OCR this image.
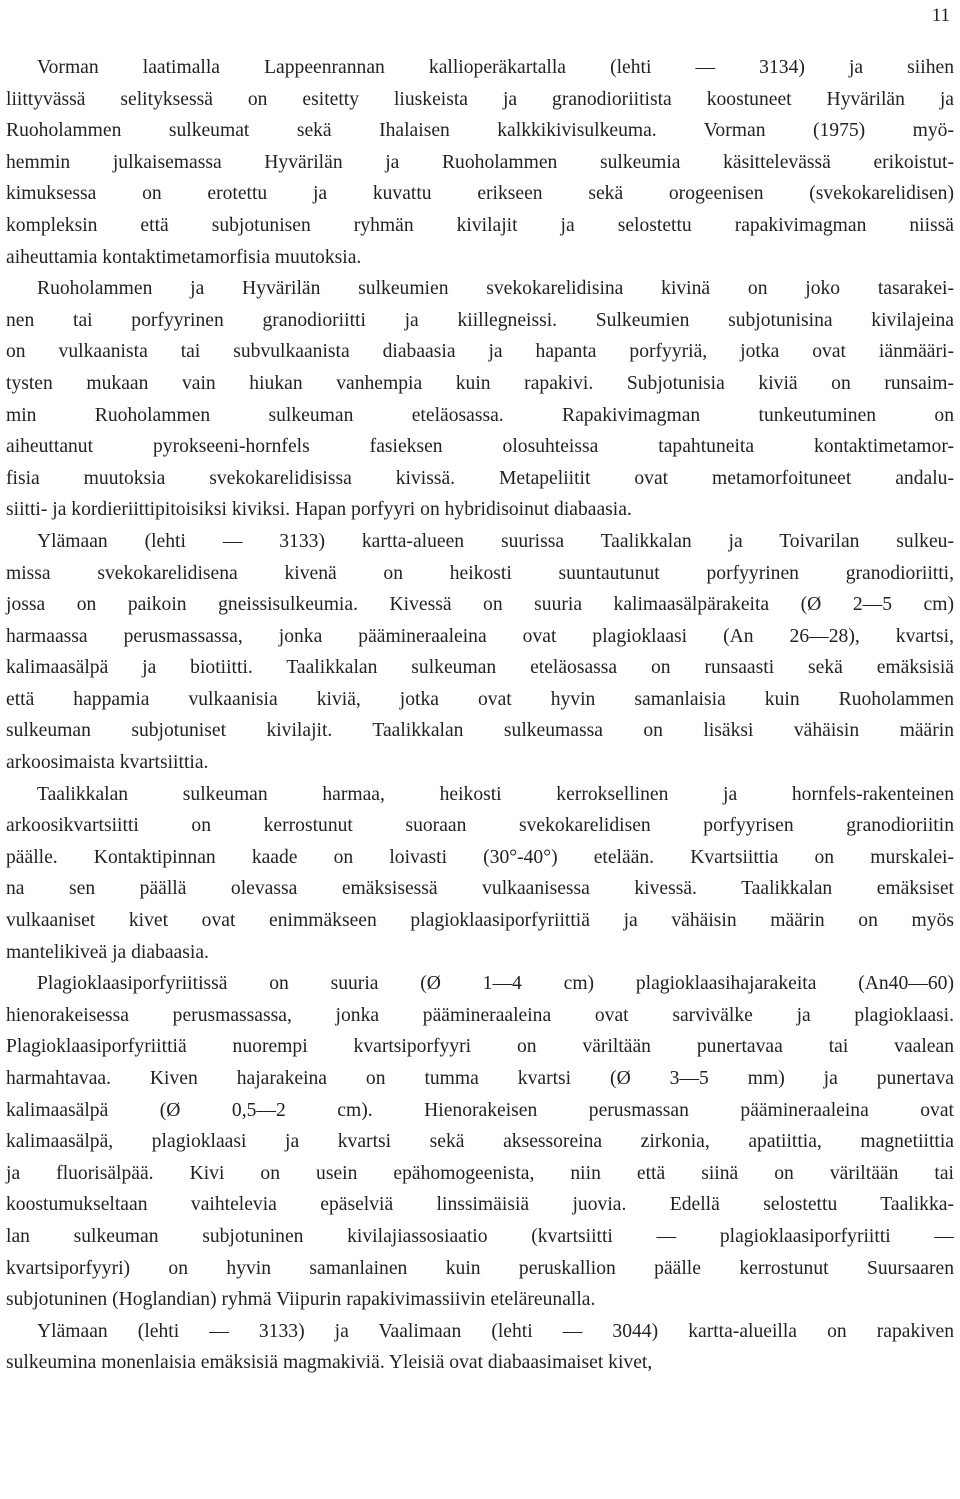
11

Vorman laatimalla Lappeenrannan kallioperäkartalla (lehti — 3134) ja siihen
liittyvässä selityksessä on esitetty liuskeista ja granodioriitista koostuneet Hyvärilän ja
Ruoholammen sulkeumat sekä Ihalaisen kalkkikivisulkeuma. Vorman (1975) myö-
hemmin julkaisemassa Hyvärilän ja Ruoholammen sulkeumia käsittelevässä erikoistut-
kimuksessa on erotettu ja kuvattu erikseen sekä orogeenisen (svekokarelidisen)
kompleksin että subjotunisen ryhmän kivilajit ja selostettu rapakivimagman niissä
aiheuttamia kontaktimetamorfisia muutoksia.

Ruoholammen ja Hyvärilän sulkeumien svekokarelidisina kivinä on joko tasarakei-
nen tai porfyyrinen granodioriitti ja kiillegneissi. Sulkeumien subjotunisina kivilajeina
on vulkaanista tai subvulkaanista diabaasia ja hapanta porfyyriä, jotka ovat iänmääri-
tysten mukaan vain hiukan vanhempia kuin rapakivi. Subjotunisia kiviä on runsaim-
min Ruoholammen sulkeuman eteläosassa. Rapakivimagman tunkeutuminen on
aiheuttanut pyrokseeni-hornfels fasieksen olosuhteissa tapahtuneita kontaktimetamor-
fisia muutoksia svekokarelidisissa kivissä. Metapeliitit ovat metamorfoituneet andalu-
siitti- ja kordieriittipitoisiksi kiviksi. Hapan porfyyri on hybridisoinut diabaasia.

Ylämaan (lehti — 3133) kartta-alueen suurissa Taalikkalan ja Toivarilan sulkeu-
missa svekokarelidisena kivenä on heikosti suuntautunut porfyyrinen granodioriitti,
jossa on paikoin gneissisulkeumia. Kivessä on suuria kalimaasälpärakeita (Ø 2—5 cm)
harmaassa perusmassassa, jonka päämineraaleina ovat plagioklaasi (An 26—28), kvartsi,
kalimaasälpä ja biotiitti. Taalikkalan sulkeuman eteläosassa on runsaasti sekä emäksisiä
että happamia vulkaanisia kiviä, jotka ovat hyvin samanlaisia kuin Ruoholammen
sulkeuman subjotuniset kivilajit. Taalikkalan sulkeumassa on lisäksi vähäisin määrin
arkoosimaista kvartsiittia.

Taalikkalan sulkeuman harmaa, heikosti kerroksellinen ja hornfels-rakenteinen
arkoosikvartsiitti on kerrostunut suoraan svekokarelidisen porfyyrisen granodioriitin
päälle. Kontaktipinnan kaade on loivasti (30°-40°) etelään. Kvartsiittia on murskalei-
na sen päällä olevassa emäksisessä vulkaanisessa kivessä. Taalikkalan emäksiset
vulkaaniset kivet ovat enimmäkseen plagioklaasiporfyriittiä ja vähäisin määrin on myös
mantelikiveä ja diabaasia.

Plagioklaasiporfyriitissä on suuria (Ø 1—4 cm) plagioklaasihajarakeita (An40—60)
hienorakeisessa perusmassassa, jonka päämineraaleina ovat sarvivälke ja plagioklaasi.
Plagioklaasiporfyriittiä nuorempi kvartsiporfyyri on väriltään punertavaa tai vaalean
harmahtavaa. Kiven hajarakeina on tumma kvartsi (Ø 3—5 mm) ja punertava
kalimaasälpä (Ø 0,5—2 cm). Hienorakeisen perusmassan päämineraaleina ovat
kalimaasälpä, plagioklaasi ja kvartsi sekä aksessoreina zirkonia, apatiittia, magnetiittia
ja fluorisälpää. Kivi on usein epähomogeenista, niin että siinä on väriltään tai
koostumukseltaan vaihtelevia epäselviä linssimäisiä juovia. Edellä selostettu Taalikka-
lan sulkeuman subjotuninen kivilajiassosiaatio (kvartsiitti — plagioklaasiporfyriitti —
kvartsiporfyyri) on hyvin samanlainen kuin peruskallion päälle kerrostunut Suursaaren
subjotuninen (Hoglandian) ryhmä Viipurin rapakivimassiivin eteläreunalla.

Ylämaan (lehti — 3133) ja Vaalimaan (lehti — 3044) kartta-alueilla on rapakiven
sulkeumina monenlaisia emäksisiä magmakiviä. Yleisiä ovat diabaasimaiset kivet,
